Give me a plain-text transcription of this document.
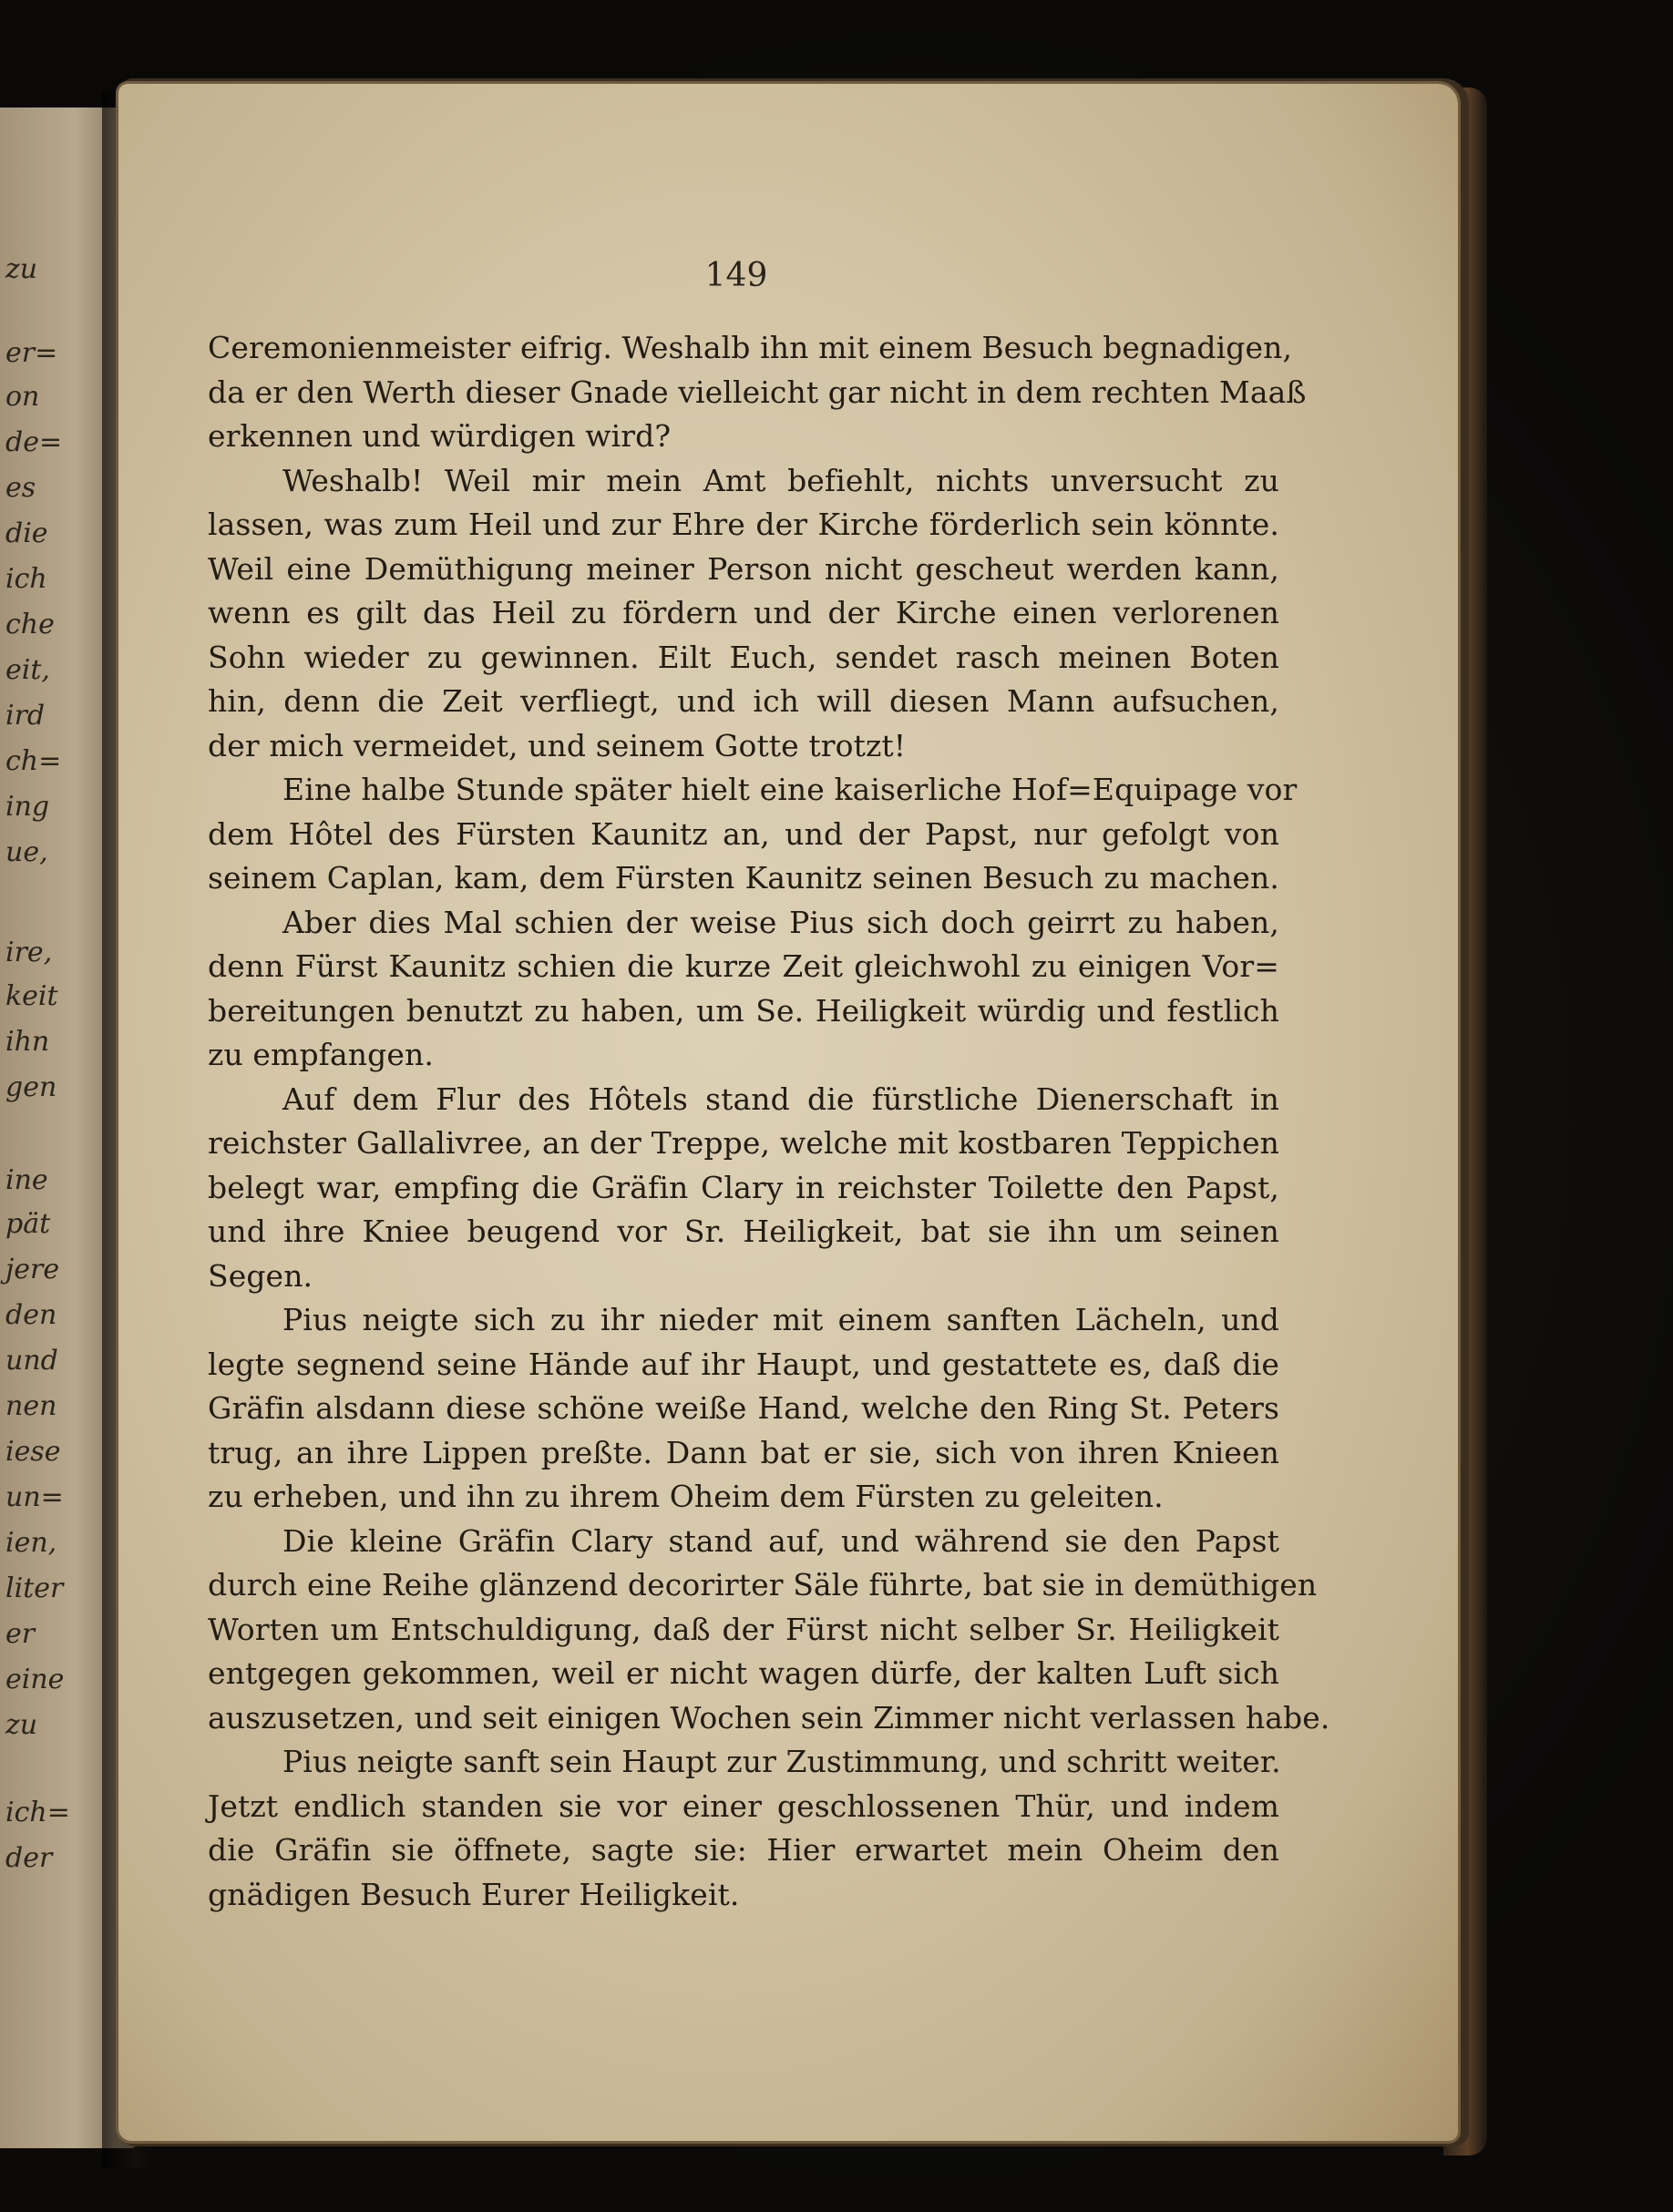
zu
er=
on
de=
es
die
ich
che
eit,
ird
ch=
ing
ue,
ire,
keit
ihn
gen
ine
pät
jere
den
und
nen
iese
un=
ien,
liter
er
eine
zu
ich=
der
149
Ceremonienmeister eifrig. Weshalb ihn mit einem Besuch begnadigen,
da er den Werth dieser Gnade vielleicht gar nicht in dem rechten Maaß
erkennen und würdigen wird?
Weshalb! Weil mir mein Amt befiehlt, nichts unversucht zu
lassen, was zum Heil und zur Ehre der Kirche förderlich sein könnte.
Weil eine Demüthigung meiner Person nicht gescheut werden kann,
wenn es gilt das Heil zu fördern und der Kirche einen verlorenen
Sohn wieder zu gewinnen. Eilt Euch, sendet rasch meinen Boten
hin, denn die Zeit verfliegt, und ich will diesen Mann aufsuchen,
der mich vermeidet, und seinem Gotte trotzt!
Eine halbe Stunde später hielt eine kaiserliche Hof=Equipage vor
dem Hôtel des Fürsten Kaunitz an, und der Papst, nur gefolgt von
seinem Caplan, kam, dem Fürsten Kaunitz seinen Besuch zu machen.
Aber dies Mal schien der weise Pius sich doch geirrt zu haben,
denn Fürst Kaunitz schien die kurze Zeit gleichwohl zu einigen Vor=
bereitungen benutzt zu haben, um Se. Heiligkeit würdig und festlich
zu empfangen.
Auf dem Flur des Hôtels stand die fürstliche Dienerschaft in
reichster Gallalivree, an der Treppe, welche mit kostbaren Teppichen
belegt war, empfing die Gräfin Clary in reichster Toilette den Papst,
und ihre Kniee beugend vor Sr. Heiligkeit, bat sie ihn um seinen
Segen.
Pius neigte sich zu ihr nieder mit einem sanften Lächeln, und
legte segnend seine Hände auf ihr Haupt, und gestattete es, daß die
Gräfin alsdann diese schöne weiße Hand, welche den Ring St. Peters
trug, an ihre Lippen preßte. Dann bat er sie, sich von ihren Knieen
zu erheben, und ihn zu ihrem Oheim dem Fürsten zu geleiten.
Die kleine Gräfin Clary stand auf, und während sie den Papst
durch eine Reihe glänzend decorirter Säle führte, bat sie in demüthigen
Worten um Entschuldigung, daß der Fürst nicht selber Sr. Heiligkeit
entgegen gekommen, weil er nicht wagen dürfe, der kalten Luft sich
auszusetzen, und seit einigen Wochen sein Zimmer nicht verlassen habe.
Pius neigte sanft sein Haupt zur Zustimmung, und schritt weiter.
Jetzt endlich standen sie vor einer geschlossenen Thür, und indem
die Gräfin sie öffnete, sagte sie: Hier erwartet mein Oheim den
gnädigen Besuch Eurer Heiligkeit.
